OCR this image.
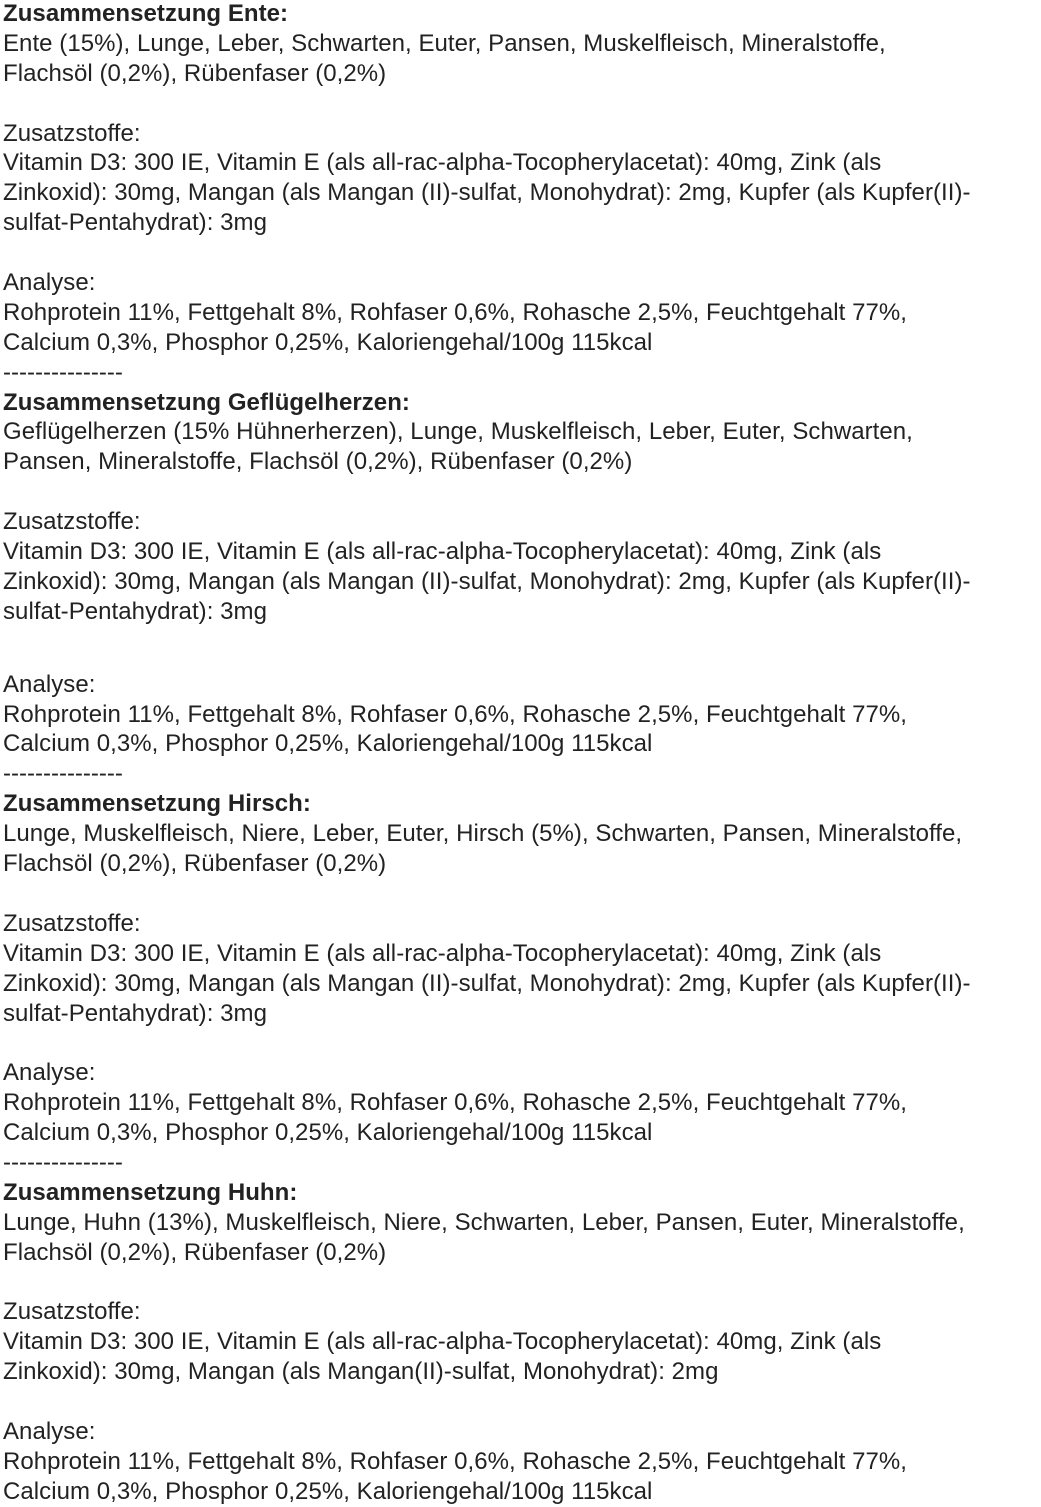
Zusammensetzung Ente:
Ente (15%), Lunge, Leber, Schwarten, Euter, Pansen, Muskelfleisch, Mineralstoffe,
Flachsöl (0,2%), Rübenfaser (0,2%)
Zusatzstoffe:
Vitamin D3: 300 IE, Vitamin E (als all-rac-alpha-Tocopherylacetat): 40mg, Zink (als
Zinkoxid): 30mg, Mangan (als Mangan (II)-sulfat, Monohydrat): 2mg, Kupfer (als Kupfer(II)-
sulfat-Pentahydrat): 3mg
Analyse:
Rohprotein 11%, Fettgehalt 8%, Rohfaser 0,6%, Rohasche 2,5%, Feuchtgehalt 77%,
Calcium 0,3%, Phosphor 0,25%, Kaloriengehal/100g 115kcal
---------------
Zusammensetzung Geflügelherzen:
Geflügelherzen (15% Hühnerherzen), Lunge, Muskelfleisch, Leber, Euter, Schwarten,
Pansen, Mineralstoffe, Flachsöl (0,2%), Rübenfaser (0,2%)
Zusatzstoffe:
Vitamin D3: 300 IE, Vitamin E (als all-rac-alpha-Tocopherylacetat): 40mg, Zink (als
Zinkoxid): 30mg, Mangan (als Mangan (II)-sulfat, Monohydrat): 2mg, Kupfer (als Kupfer(II)-
sulfat-Pentahydrat): 3mg
Analyse:
Rohprotein 11%, Fettgehalt 8%, Rohfaser 0,6%, Rohasche 2,5%, Feuchtgehalt 77%,
Calcium 0,3%, Phosphor 0,25%, Kaloriengehal/100g 115kcal
---------------
Zusammensetzung Hirsch:
Lunge, Muskelfleisch, Niere, Leber, Euter, Hirsch (5%), Schwarten, Pansen, Mineralstoffe,
Flachsöl (0,2%), Rübenfaser (0,2%)
Zusatzstoffe:
Vitamin D3: 300 IE, Vitamin E (als all-rac-alpha-Tocopherylacetat): 40mg, Zink (als
Zinkoxid): 30mg, Mangan (als Mangan (II)-sulfat, Monohydrat): 2mg, Kupfer (als Kupfer(II)-
sulfat-Pentahydrat): 3mg
Analyse:
Rohprotein 11%, Fettgehalt 8%, Rohfaser 0,6%, Rohasche 2,5%, Feuchtgehalt 77%,
Calcium 0,3%, Phosphor 0,25%, Kaloriengehal/100g 115kcal
---------------
Zusammensetzung Huhn:
Lunge, Huhn (13%), Muskelfleisch, Niere, Schwarten, Leber, Pansen, Euter, Mineralstoffe,
Flachsöl (0,2%), Rübenfaser (0,2%)
Zusatzstoffe:
Vitamin D3: 300 IE, Vitamin E (als all-rac-alpha-Tocopherylacetat): 40mg, Zink (als
Zinkoxid): 30mg, Mangan (als Mangan(II)-sulfat, Monohydrat): 2mg
Analyse:
Rohprotein 11%, Fettgehalt 8%, Rohfaser 0,6%, Rohasche 2,5%, Feuchtgehalt 77%,
Calcium 0,3%, Phosphor 0,25%, Kaloriengehal/100g 115kcal
